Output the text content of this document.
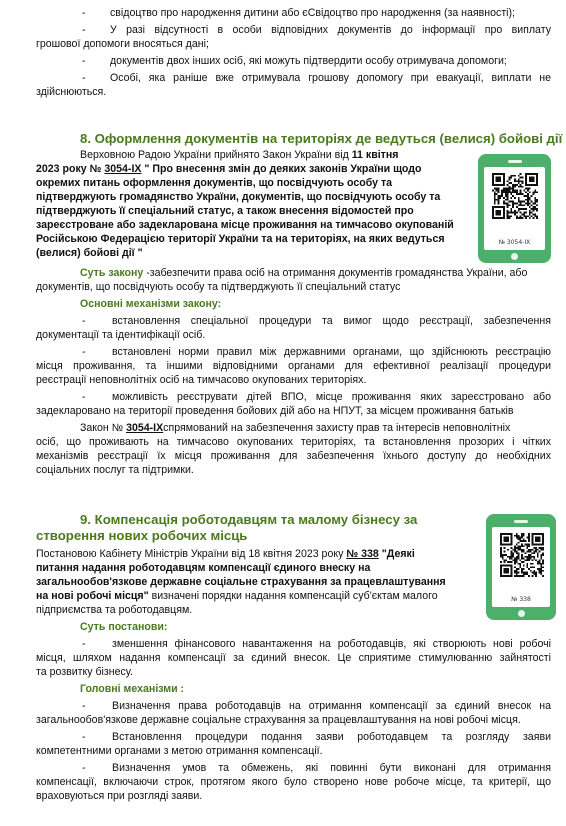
- свідоцтво про народження дитини або єСвідоцтво про народження (за наявності);
- У разі відсутності в особи відповідних документів до інформації про виплату
грошової допомоги вносяться дані;
- документів двох інших осіб, які можуть підтвердити особу отримувача допомоги;
- Особі, яка раніше вже отримувала грошову допомогу при евакуації, виплати не
здійснюються.
8. Оформлення документів на територіях де ведуться (велися) бойові дії
Верховною Радою України прийнято Закон України від 11 квітня
2023 року № 3054-IX " Про внесення змін до деяких законів України щодо
окремих питань оформлення документів, що посвідчують особу та
підтверджують громадянство України, документів, що посвідчують особу та
підтверджують її спеціальний статус, а також внесення відомостей про
зареєстроване або задекларована місце проживання на тимчасово окупованій
Російською Федерацією території України та на територіях, на яких ведуться
(велися) бойові дії "
Суть закону -забезпечити права осіб на отримання документів громадянства України, або
документів, що посвідчують особу та підтверджують її спеціальний статус
Основні механізми закону:
- встановлення спеціальної процедури та вимог щодо реєстрації, забезпечення
документації та ідентифікації осіб.
- встановлені норми правил між державними органами, що здійснюють реєстрацію
місця проживання, та іншими відповідними органами для ефективної реалізації процедури
реєстрації неповнолітніх осіб на тимчасово окупованих територіях.
- можливість реєструвати дітей ВПО, місце проживання яких зареєстровано або
задекларовано на території проведення бойових дій або на НПУТ, за місцем проживання батьків
Закон № 3054-IXспрямований на забезпечення захисту прав та інтересів неповнолітніх
осіб, що проживають на тимчасово окупованих територіях, та встановлення прозорих і чітких
механізмів реєстрації їх місця проживання для забезпечення їхнього доступу до необхідних
соціальних послуг та підтримки.
№ 3054-IX
9. Компенсація роботодавцям та малому бізнесу за
створення нових робочих місць
Постановою Кабінету Міністрів України від 18 квітня 2023 року № 338 "Деякі
питання надання роботодавцям компенсації єдиного внеску на
загальнообов'язкове державне соціальне страхування за працевлаштування
на нові робочі місця" визначені порядки надання компенсацій суб'єктам малого
підприємства та роботодавцям.
Суть постанови:
- зменшення фінансового навантаження на роботодавців, які створюють нові робочі
місця, шляхом надання компенсації за єдиний внесок. Це сприятиме стимулюванню зайнятості
та розвитку бізнесу.
Головні механізми :
- Визначення права роботодавців на отримання компенсації за єдиний внесок на
загальнообов'язкове державне соціальне страхування за працевлаштування на нові робочі місця.
- Встановлення процедури подання заяви роботодавцем та розгляду заяви
компетентними органами з метою отримання компенсації.
- Визначення умов та обмежень, які повинні бути виконані для отримання
компенсації, включаючи строк, протягом якого було створено нове робоче місце, та критерії, що
враховуються при розгляді заяви.
№ 338
